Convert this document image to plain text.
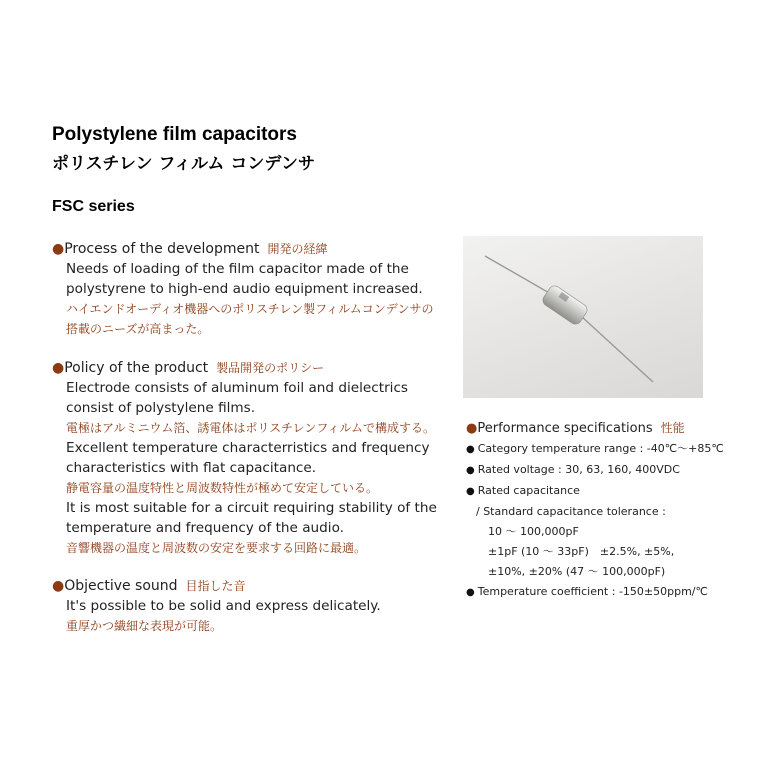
Polystylene film capacitors
ポリスチレン フィルム コンデンサ
FSC series
●Process of the development 開発の経緯
Needs of loading of the film capacitor made of the
polystyrene to high-end audio equipment increased.
ハイエンドオーディオ機器へのポリスチレン製フィルムコンデンサの
搭載のニーズが高まった。
●Policy of the product 製品開発のポリシー
Electrode consists of aluminum foil and dielectrics
consist of polystylene films.
電極はアルミニウム箔、誘電体はポリスチレンフィルムで構成する。
Excellent temperature characterristics and frequency
characteristics with flat capacitance.
静電容量の温度特性と周波数特性が極めて安定している。
It is most suitable for a circuit requiring stability of the
temperature and frequency of the audio.
音響機器の温度と周波数の安定を要求する回路に最適。
●Objective sound 目指した音
It's possible to be solid and express delicately.
重厚かつ繊細な表現が可能。
●Performance specifications 性能
● Category temperature range : -40℃～+85℃
● Rated voltage : 30, 63, 160, 400VDC
● Rated capacitance
/ Standard capacitance tolerance :
10 ～ 100,000pF
±1pF (10 ～ 33pF)　±2.5%, ±5%,
±10%, ±20% (47 ～ 100,000pF)
● Temperature coefficient : -150±50ppm/℃
